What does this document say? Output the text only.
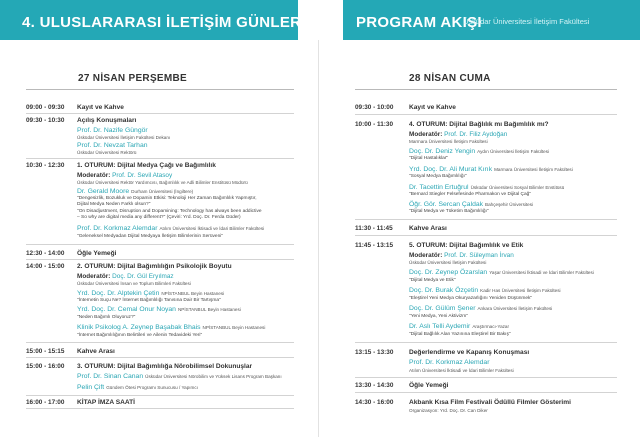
4. ULUSLARARASI İLETİŞİM GÜNLERİ	PROGRAM AKIŞI
Üsküdar Üniversitesi İletişim Fakültesi
27 NİSAN PERŞEMBE	28 NİSAN CUMA
09:00 - 09:30 Kayıt ve Kahve
09:30 - 10:30 Açılış Konuşmaları
Prof. Dr. Nazife Güngör
Üsküdar Üniversitesi İletişim Fakültesi Dekanı
Prof. Dr. Nevzat Tarhan
Üsküdar Üniversitesi Rektörü
10:30 - 12:30 1. OTURUM: Dijital Medya Çağı ve Bağımlılık
Moderatör: Prof. Dr. Sevil Atasoy
Üsküdar Üniversitesi Rektör Yardımcısı, Bağımlılık ve Adli Bilimler Enstitüsü Müdürü
Dr. Gerald Moore Durham Üniversitesi (İngiltere)
"Dengesizlik, Bozukluk ve Dopamin Etkisi: Teknoloji Her Zaman Bağımlılık Yapmıştır,
Dijital Medya Neden Farklı olsun?"
"On Disadjustment, Disruption and Dopamining: Technology has always been addictive
– So why are digital media any different?" (Çeviri: Yrd. Doç. Dr. Ferda Güder)
Prof. Dr. Korkmaz Alemdar Atılım Üniversitesi İktisadi ve İdari Bilimler Fakültesi
"Geleneksel Medyadan Dijital Medyaya İletişim Bilimlerinin Serüveni"
12:30 - 14:00 Öğle Yemeği
14:00 - 15:00 2. OTURUM: Dijital Bağımlılığın Psikolojik Boyutu
Moderatör: Doç. Dr. Gül Eryılmaz
Üsküdar Üniversitesi İnsan ve Toplum Bilimleri Fakültesi
Yrd. Doç. Dr. Alptekin Çetin NPİSTANBUL Beyin Hastanesi
"İnternetin Suçu Ne? İnternet Bağımlılığı Tanısına Dair Bir Tartışma"
Yrd. Doç. Dr. Cemal Onur Noyan NPİSTANBUL Beyin Hastanesi
"Neden Bağımlı Oluyoruz?"
Klinik Psikolog A. Zeynep Başabak Bhais NPİSTANBUL Beyin Hastanesi
"İnternet Bağımlılığının Belirtileri ve Ailenin Tedavideki Yeri"
15:00 - 15:15 Kahve Arası
15:00 - 16:00 3. OTURUM: Dijital Bağımlılığa Nörobilimsel Dokunuşlar
Prof. Dr. Sinan Canan Üsküdar Üniversitesi Nörobilim ve Yüksek Lisans Program Başkanı
Pelin Çift Gündem Ötesi Programı Sunucusu / Yapımcı
16:00 - 17:00 KİTAP İMZA SAATİ
09:30 - 10:00 Kayıt ve Kahve
10:00 - 11:30 4. OTURUM: Dijital Bağlılık mı Bağımlılık mı?
Moderatör: Prof. Dr. Filiz Aydoğan
Marmara Üniversitesi İletişim Fakültesi
Doç. Dr. Deniz Yengin Aydın Üniversitesi İletişim Fakültesi
"Dijital Hastalıklar"
Yrd. Doç. Dr. Ali Murat Kırık Marmara Üniversitesi İletişim Fakültesi
"Sosyal Medya Bağımlılığı"
Dr. Tacettin Ertuğrul Üsküdar Üniversitesi Sosyal Bilimler Enstitüsü
"Bernard Stiegler Felsefesinde Pharmakon ve Dijital Çağ"
Öğr. Gör. Sercan Çaldak Bahçeşehir Üniversitesi
"Dijital Medya ve Tüketim Bağımlılığı"
11:30 - 11:45 Kahve Arası
11:45 - 13:15 5. OTURUM: Dijital Bağımlılık ve Etik
Moderatör: Prof. Dr. Süleyman İrvan
Üsküdar Üniversitesi İletişim Fakültesi
Doç. Dr. Zeynep Özarslan Yaşar Üniversitesi İktisadi ve İdari Bilimler Fakültesi
"Dijital Medya ve Etik"
Doç. Dr. Burak Özçetin Kadir Has Üniversitesi İletişim Fakültesi
"Eleştirel Yeni Medya Okuryazarlığını Yeniden Düşünmek"
Doç. Dr. Gülüm Şener Ankara Üniversitesi İletişim Fakültesi
"Yeni Medya, Yeni Aktivizm"
Dr. Aslı Telli Aydemir Araştırmacı-Yazar
"Dijital Bağlılık Alan Yazınına Eleştirel Bir Bakış"
13:15 - 13:30 Değerlendirme ve Kapanış Konuşması
Prof. Dr. Korkmaz Alemdar
Atılım Üniversitesi İktisadi ve İdari Bilimler Fakültesi
13:30 - 14:30 Öğle Yemeği
14:30 - 16:00 Akbank Kısa Film Festivali Ödüllü Filmler Gösterimi
Organizasyon: Yrd. Doç. Dr. Can Diker
